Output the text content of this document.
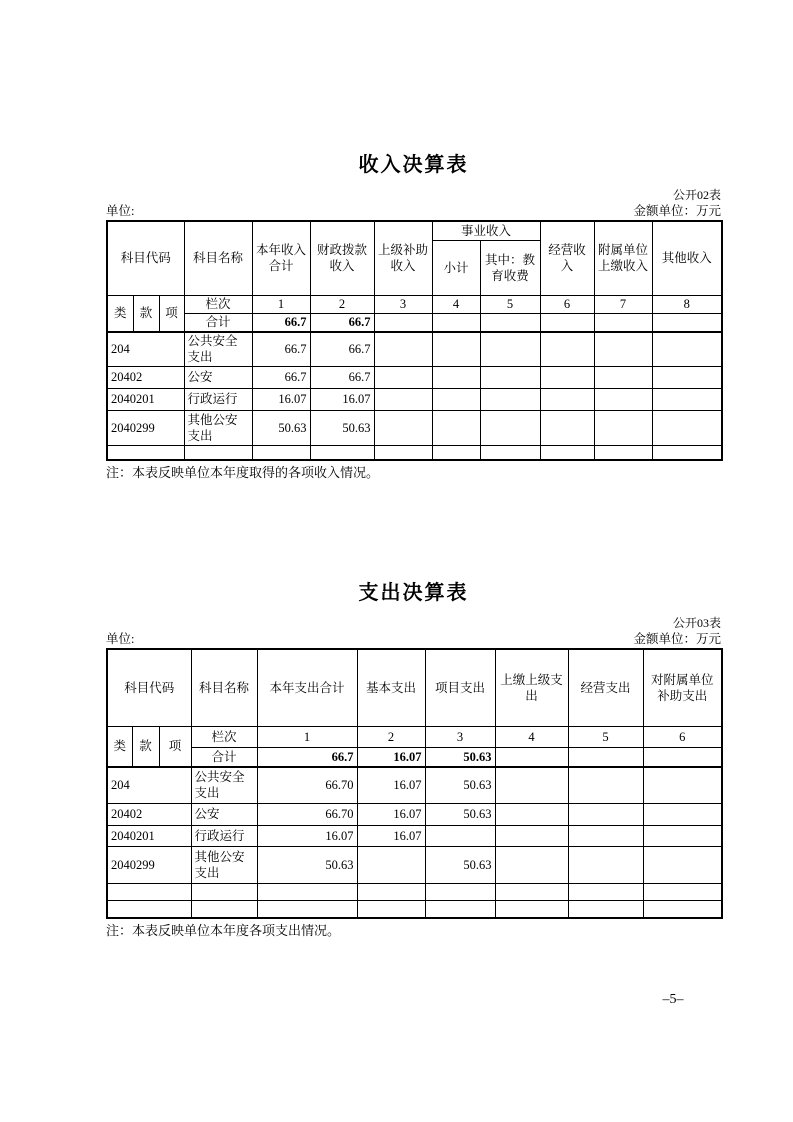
收入决算表
公开02表
单位:	金额单位：万元
科目代码			科目名称	本年收入合计	财政拨款收入	上级补助收入	事业收入		经营收入	附属单位上缴收入	其他收入
							小计	其中：教育收费			
类	款	项	栏次	1	2	3	4	5	6	7	8
			合计	66.7	66.7						
204			公共安全支出	66.7	66.7						
20402			公安	66.7	66.7						
2040201			行政运行	16.07	16.07						
2040299			其他公安支出	50.63	50.63						

注：本表反映单位本年度取得的各项收入情况。
支出决算表
公开03表
单位:	金额单位：万元
科目代码			科目名称	本年支出合计	基本支出	项目支出	上缴上级支出	经营支出	对附属单位补助支出
类	款	项	栏次	1	2	3	4	5	6
			合计	66.7	16.07	50.63			
204			公共安全支出	66.70	16.07	50.63			
20402			公安	66.70	16.07	50.63			
2040201			行政运行	16.07	16.07				
2040299			其他公安支出	50.63		50.63			

注：本表反映单位本年度各项支出情况。
–5–
